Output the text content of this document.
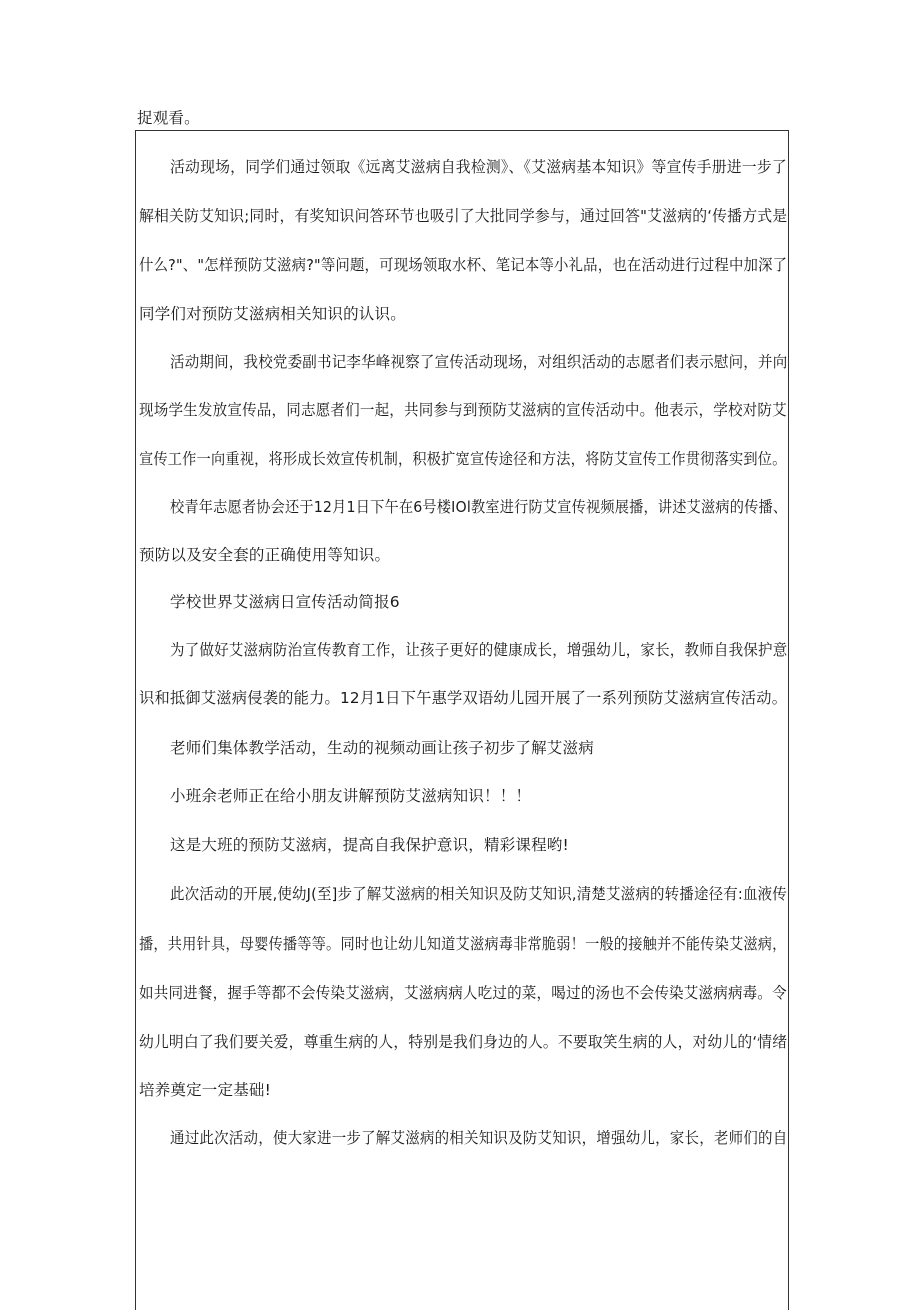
捉观看。
活动现场，同学们通过领取《远离艾滋病自我检测》、《艾滋病基本知识》等宣传手册进一步了
解相关防艾知识;同时，有奖知识问答环节也吸引了大批同学参与，通过回答"艾滋病的‘传播方式是
什么?"、"怎样预防艾滋病?"等问题，可现场领取水杯、笔记本等小礼品，也在活动进行过程中加深了
同学们对预防艾滋病相关知识的认识。
活动期间，我校党委副书记李华峰视察了宣传活动现场，对组织活动的志愿者们表示慰问，并向
现场学生发放宣传品，同志愿者们一起，共同参与到预防艾滋病的宣传活动中。他表示，学校对防艾
宣传工作一向重视，将形成长效宣传机制，积极扩宽宣传途径和方法，将防艾宣传工作贯彻落实到位。
校青年志愿者协会还于12月1日下午在6号楼IOl教室进行防艾宣传视频展播，讲述艾滋病的传播、
预防以及安全套的正确使用等知识。
学校世界艾滋病日宣传活动简报6
为了做好艾滋病防治宣传教育工作，让孩子更好的健康成长，增强幼儿，家长，教师自我保护意
识和抵御艾滋病侵袭的能力。12月1日下午惠学双语幼儿园开展了一系列预防艾滋病宣传活动。
老师们集体教学活动，生动的视频动画让孩子初步了解艾滋病
小班余老师正在给小朋友讲解预防艾滋病知识！！！
这是大班的预防艾滋病，提高自我保护意识，精彩课程哟!
此次活动的开展,使幼J(⾄]步了解艾滋病的相关知识及防艾知识,清楚艾滋病的转播途径有:血液传
播，共用针具，母婴传播等等。同时也让幼儿知道艾滋病毒非常脆弱！一般的接触并不能传染艾滋病，
如共同进餐，握手等都不会传染艾滋病，艾滋病病人吃过的菜，喝过的汤也不会传染艾滋病病毒。令
幼儿明白了我们要关爱，尊重生病的人，特别是我们身边的人。不要取笑生病的人，对幼儿的‘情绪
培养奠定一定基础!
通过此次活动，使大家进一步了解艾滋病的相关知识及防艾知识，增强幼儿，家长，老师们的自
